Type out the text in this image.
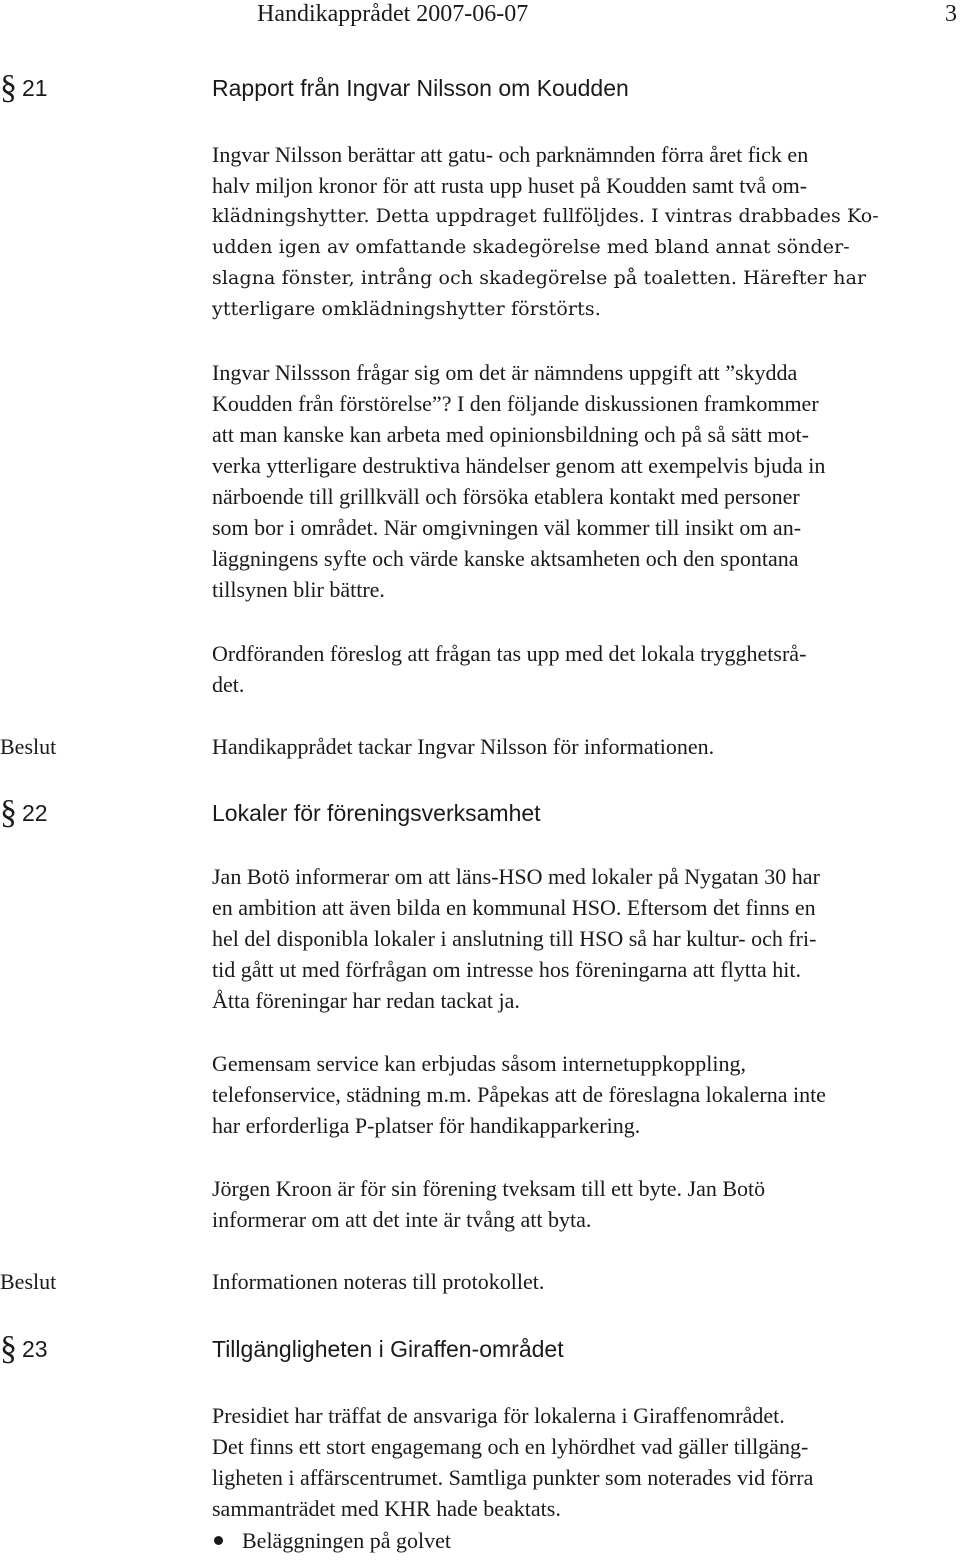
Handikapprådet 2007-06-07	3
§ 21	Rapport från Ingvar Nilsson om Koudden
Ingvar Nilsson berättar att gatu- och parknämnden förra året fick en
halv miljon kronor för att rusta upp huset på Koudden samt två om-
klädningshytter. Detta uppdraget fullföljdes. I vintras drabbades Ko-
udden igen av omfattande skadegörelse med bland annat sönder-
slagna fönster, intrång och skadegörelse på toaletten. Härefter har
ytterligare omklädningshytter förstörts.
Ingvar Nilssson frågar sig om det är nämndens uppgift att ”skydda
Koudden från förstörelse”? I den följande diskussionen framkommer
att man kanske kan arbeta med opinionsbildning och på så sätt mot-
verka ytterligare destruktiva händelser genom att exempelvis bjuda in
närboende till grillkväll och försöka etablera kontakt med personer
som bor i området. När omgivningen väl kommer till insikt om an-
läggningens syfte och värde kanske aktsamheten och den spontana
tillsynen blir bättre.
Ordföranden föreslog att frågan tas upp med det lokala trygghetsrå-
det.
Beslut	Handikapprådet tackar Ingvar Nilsson för informationen.
§ 22	Lokaler för föreningsverksamhet
Jan Botö informerar om att läns-HSO med lokaler på Nygatan 30 har
en ambition att även bilda en kommunal HSO. Eftersom det finns en
hel del disponibla lokaler i anslutning till HSO så har kultur- och fri-
tid gått ut med förfrågan om intresse hos föreningarna att flytta hit.
Åtta föreningar har redan tackat ja.
Gemensam service kan erbjudas såsom internetuppkoppling,
telefonservice, städning m.m. Påpekas att de föreslagna lokalerna inte
har erforderliga P-platser för handikapparkering.
Jörgen Kroon är för sin förening tveksam till ett byte. Jan Botö
informerar om att det inte är tvång att byta.
Beslut	Informationen noteras till protokollet.
§ 23	Tillgängligheten i Giraffen-området
Presidiet har träffat de ansvariga för lokalerna i Giraffenområdet.
Det finns ett stort engagemang och en lyhördhet vad gäller tillgäng-
ligheten i affärscentrumet. Samtliga punkter som noterades vid förra
sammanträdet med KHR hade beaktats.
Beläggningen på golvet
